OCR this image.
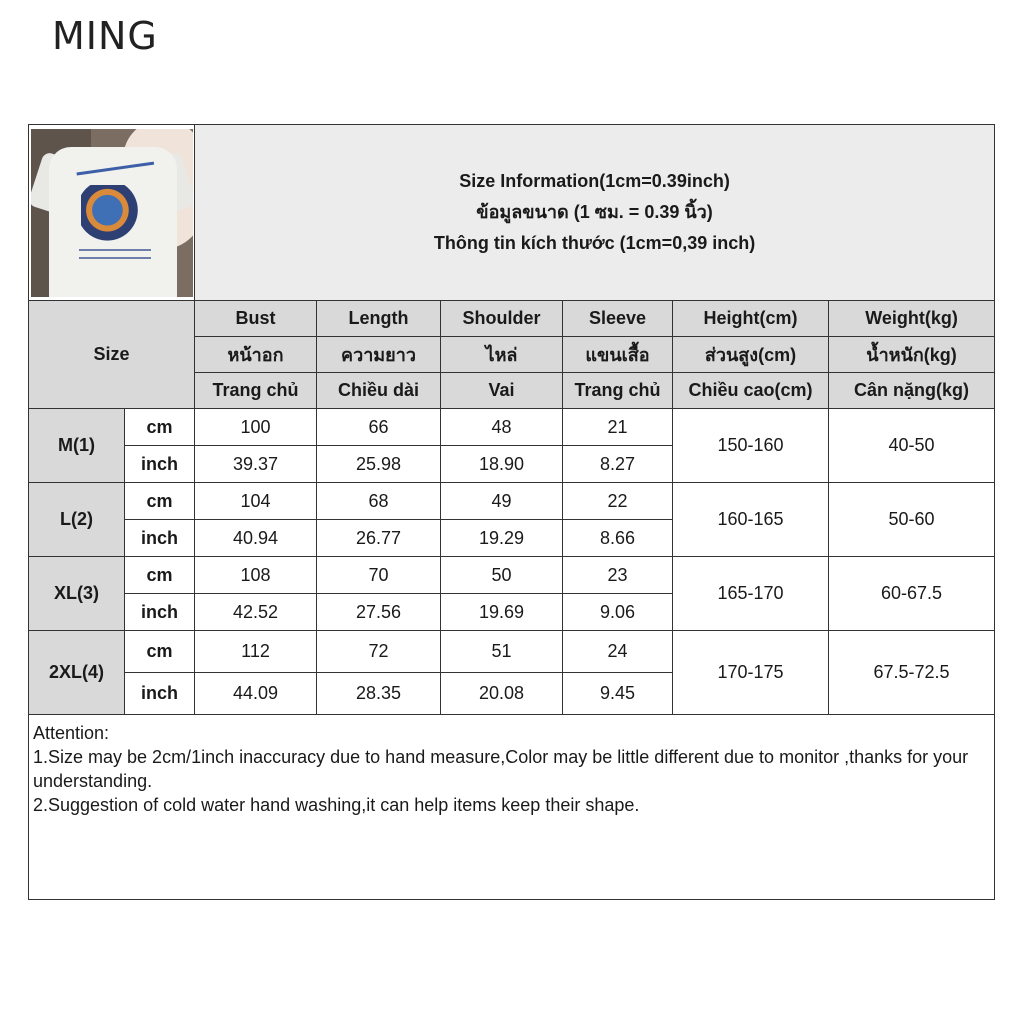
MING

		Size Information(1cm=0.39inch)
ข้อมูลขนาด (1 ซม. = 0.39 นิ้ว)
Thông tin kích thước (1cm=0,39 inch)					

Size		Bust	Length	Shoulder	Sleeve	Height(cm)	Weight(kg)
		หน้าอก	ความยาว	ไหล่	แขนเสื้อ	ส่วนสูง(cm)	น้ำหนัก(kg)
		Trang chủ	Chiều dài	Vai	Trang chủ	Chiều cao(cm)	Cân nặng(kg)
M(1)	cm	100	66	48	21	150-160	40-50
	inch	39.37	25.98	18.90	8.27		
L(2)	cm	104	68	49	22	160-165	50-60
	inch	40.94	26.77	19.29	8.66		
XL(3)	cm	108	70	50	23	165-170	60-67.5
	inch	42.52	27.56	19.69	9.06		
2XL(4)	cm	112	72	51	24	170-175	67.5-72.5
	inch	44.09	28.35	20.08	9.45		

Attention:
1.Size may be 2cm/1inch inaccuracy due to hand measure,Color may be little different due to monitor ,thanks for your understanding.
2.Suggestion of cold water hand washing,it can help items keep their shape.							
